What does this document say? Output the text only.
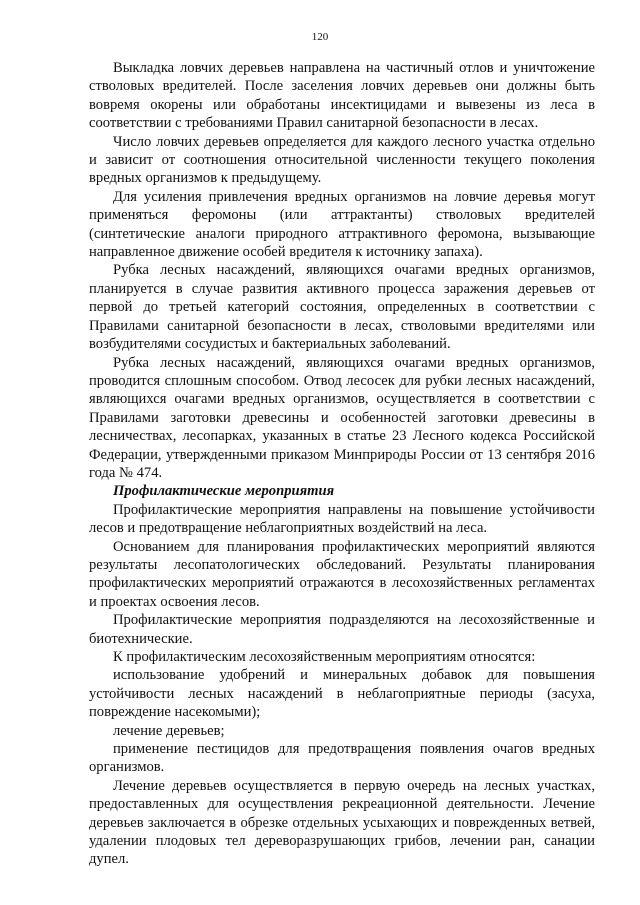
120

Выкладка ловчих деревьев направлена на частичный отлов и уничтожение стволовых вредителей. После заселения ловчих деревьев они должны быть вовремя окорены или обработаны инсектицидами и вывезены из леса в соответствии с требованиями Правил санитарной безопасности в лесах.

Число ловчих деревьев определяется для каждого лесного участка отдельно и зависит от соотношения относительной численности текущего поколения вредных организмов к предыдущему.

Для усиления привлечения вредных организмов на ловчие деревья могут применяться феромоны (или аттрактанты) стволовых вредителей (синтетические аналоги природного аттрактивного феромона, вызывающие направленное движение особей вредителя к источнику запаха).

Рубка лесных насаждений, являющихся очагами вредных организмов, планируется в случае развития активного процесса заражения деревьев от первой до третьей категорий состояния, определенных в соответствии с Правилами санитарной безопасности в лесах, стволовыми вредителями или возбудителями сосудистых и бактериальных заболеваний.

Рубка лесных насаждений, являющихся очагами вредных организмов, проводится сплошным способом. Отвод лесосек для рубки лесных насаждений, являющихся очагами вредных организмов, осуществляется в соответствии с Правилами заготовки древесины и особенностей заготовки древесины в лесничествах, лесопарках, указанных в статье 23 Лесного кодекса Российской Федерации, утвержденными приказом Минприроды России от 13 сентября 2016 года № 474.

Профилактические мероприятия

Профилактические мероприятия направлены на повышение устойчивости лесов и предотвращение неблагоприятных воздействий на леса.

Основанием для планирования профилактических мероприятий являются результаты лесопатологических обследований. Результаты планирования профилактических мероприятий отражаются в лесохозяйственных регламентах и проектах освоения лесов.

Профилактические мероприятия подразделяются на лесохозяйственные и биотехнические.

К профилактическим лесохозяйственным мероприятиям относятся:

использование удобрений и минеральных добавок для повышения устойчивости лесных насаждений в неблагоприятные периоды (засуха, повреждение насекомыми);

лечение деревьев;

применение пестицидов для предотвращения появления очагов вредных организмов.

Лечение деревьев осуществляется в первую очередь на лесных участках, предоставленных для осуществления рекреационной деятельности. Лечение деревьев заключается в обрезке отдельных усыхающих и поврежденных ветвей, удалении плодовых тел дереворазрушающих грибов, лечении ран, санации дупел.
